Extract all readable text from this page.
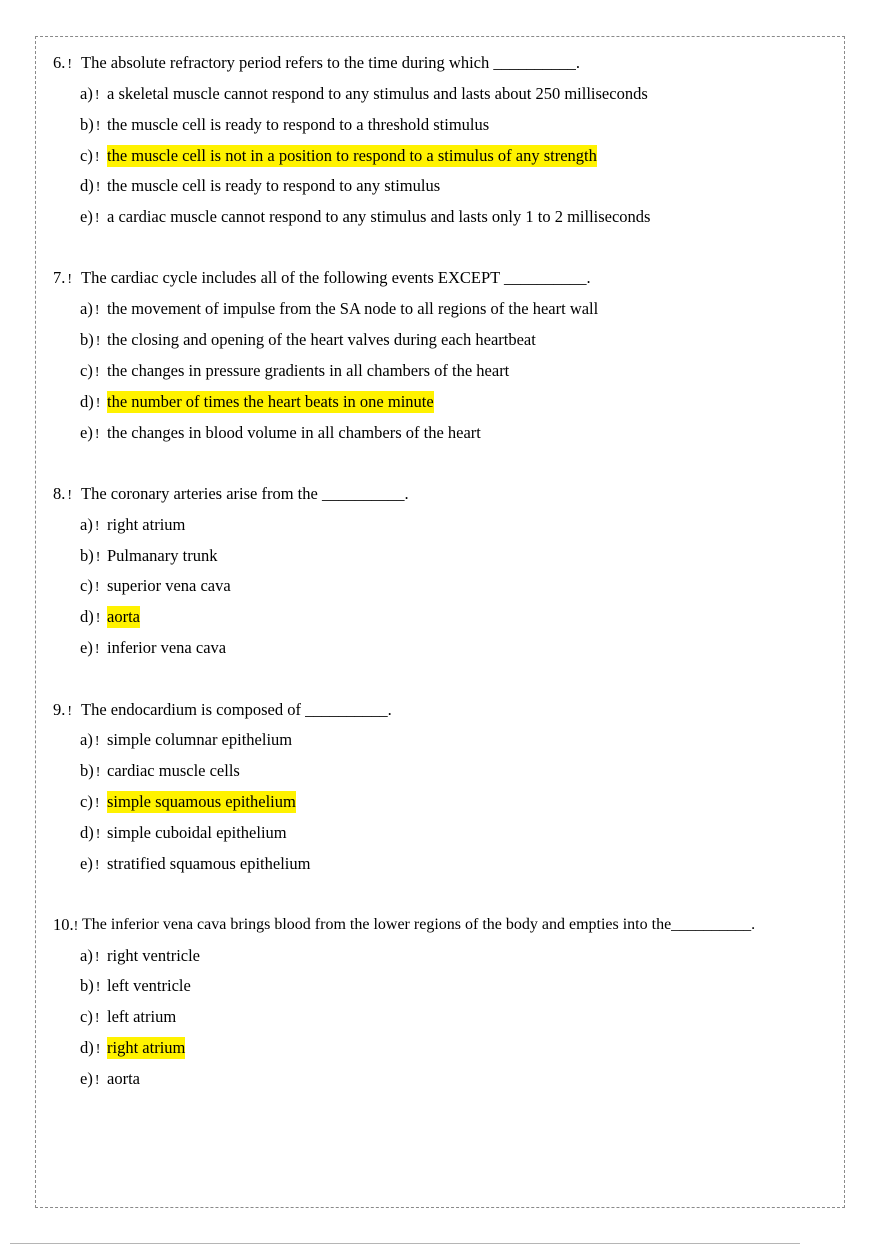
6. ! The absolute refractory period refers to the time during which __________.
a) ! a skeletal muscle cannot respond to any stimulus and lasts about 250 milliseconds
b) ! the muscle cell is ready to respond to a threshold stimulus
c) ! the muscle cell is not in a position to respond to a stimulus of any strength
d) ! the muscle cell is ready to respond to any stimulus
e) ! a cardiac muscle cannot respond to any stimulus and lasts only 1 to 2 milliseconds
7. ! The cardiac cycle includes all of the following events EXCEPT __________.
a) ! the movement of impulse from the SA node to all regions of the heart wall
b) ! the closing and opening of the heart valves during each heartbeat
c) ! the changes in pressure gradients in all chambers of the heart
d) ! the number of times the heart beats in one minute
e) ! the changes in blood volume in all chambers of the heart
8. ! The coronary arteries arise from the __________.
a) ! right atrium
b) ! Pulmanary trunk
c) ! superior vena cava
d) ! aorta
e) ! inferior vena cava
9. ! The endocardium is composed of __________.
a) ! simple columnar epithelium
b) ! cardiac muscle cells
c) ! simple squamous epithelium
d) ! simple cuboidal epithelium
e) ! stratified squamous epithelium
10.! The inferior vena cava brings blood from the lower regions of the body and empties into the__________.
a) ! right ventricle
b) ! left ventricle
c) ! left atrium
d) ! right atrium
e) ! aorta
